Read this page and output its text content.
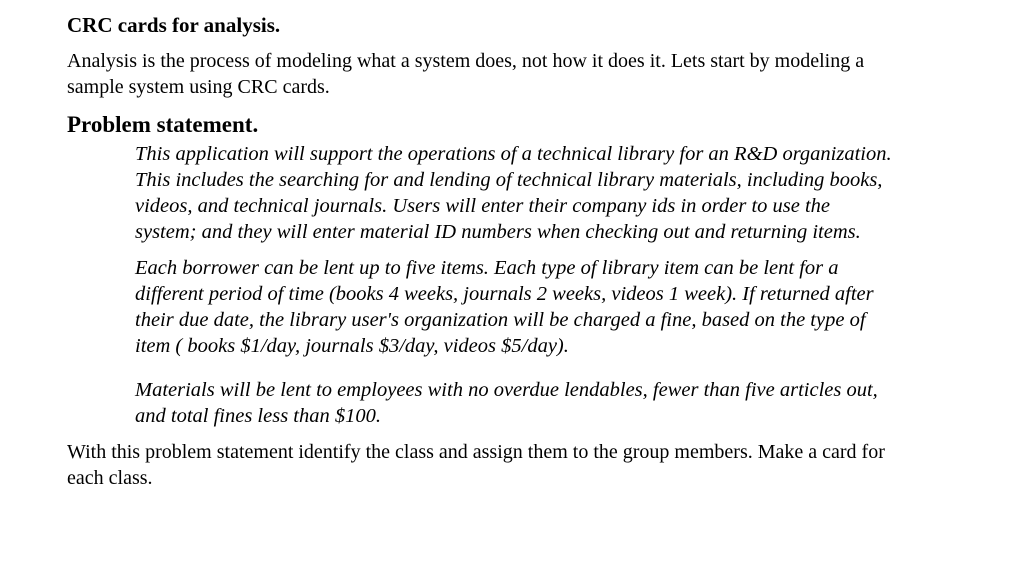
CRC cards for analysis.
Analysis is the process of modeling what a system does, not how it does it. Lets start by modeling a sample system using CRC cards.
Problem statement.

This application will support the operations of a technical library for an R&D organization. This includes the searching for and lending of technical library materials, including books, videos, and technical journals. Users will enter their company ids in order to use the system; and they will enter material ID numbers when checking out and returning items.

Each borrower can be lent up to five items. Each type of library item can be lent for a different period of time (books 4 weeks, journals 2 weeks, videos 1 week). If returned after their due date, the library user's organization will be charged a fine, based on the type of item ( books $1/day, journals $3/day, videos $5/day).

Materials will be lent to employees with no overdue lendables, fewer than five articles out, and total fines less than $100.

With this problem statement identify the class and assign them to the group members. Make a card for each class.
